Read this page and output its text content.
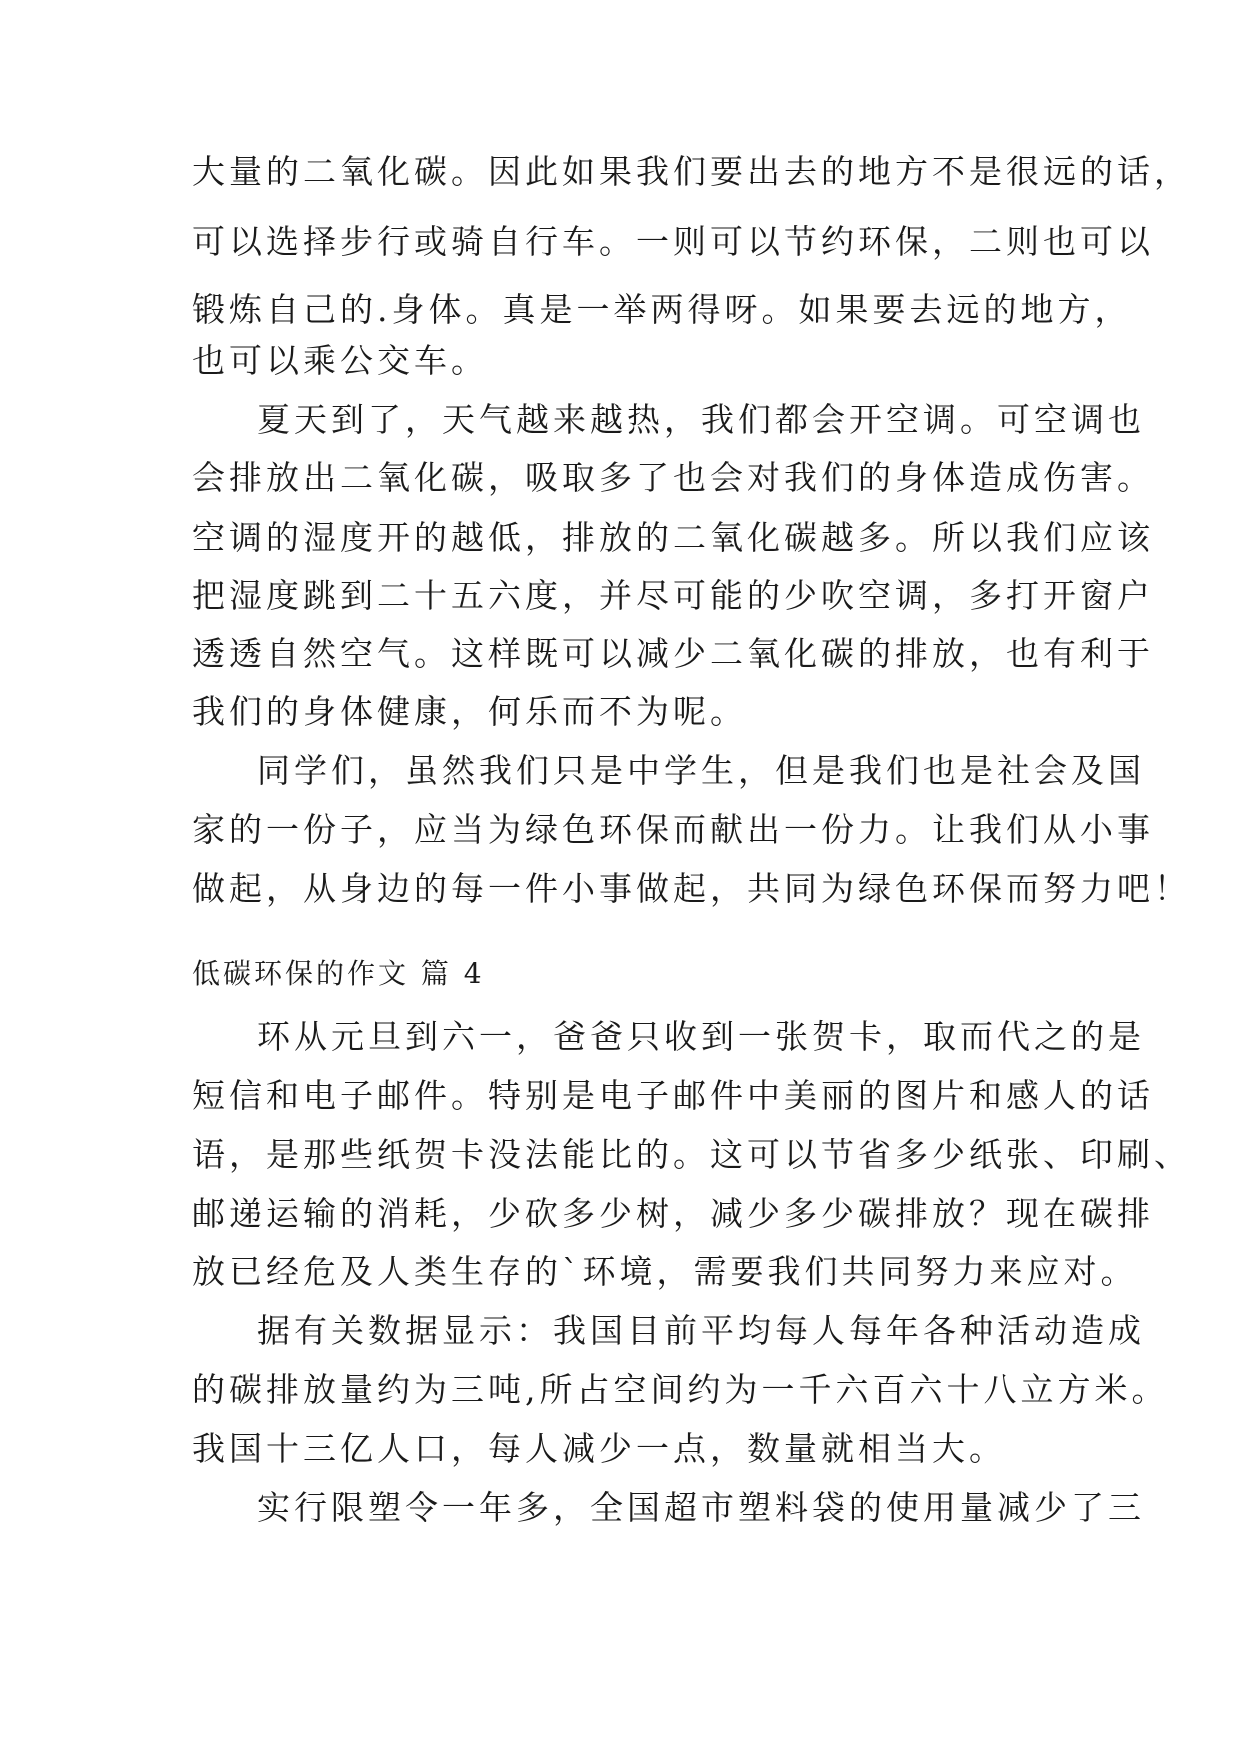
大量的二氧化碳。因此如果我们要出去的地方不是很远的话，
可以选择步行或骑自行车。一则可以节约环保，二则也可以
锻炼自己的.身体。真是一举两得呀。如果要去远的地方，
也可以乘公交车。
夏天到了，天气越来越热，我们都会开空调。可空调也
会排放出二氧化碳，吸取多了也会对我们的身体造成伤害。
空调的湿度开的越低，排放的二氧化碳越多。所以我们应该
把湿度跳到二十五六度，并尽可能的少吹空调，多打开窗户
透透自然空气。这样既可以减少二氧化碳的排放，也有利于
我们的身体健康，何乐而不为呢。
同学们，虽然我们只是中学生，但是我们也是社会及国
家的一份子，应当为绿色环保而献出一份力。让我们从小事
做起，从身边的每一件小事做起，共同为绿色环保而努力吧！
低碳环保的作文 篇 4
环从元旦到六一，爸爸只收到一张贺卡，取而代之的是
短信和电子邮件。特别是电子邮件中美丽的图片和感人的话
语，是那些纸贺卡没法能比的。这可以节省多少纸张、印刷、
邮递运输的消耗，少砍多少树，减少多少碳排放？现在碳排
放已经危及人类生存的`环境，需要我们共同努力来应对。
据有关数据显示：我国目前平均每人每年各种活动造成
的碳排放量约为三吨,所占空间约为一千六百六十八立方米。
我国十三亿人口，每人减少一点，数量就相当大。
实行限塑令一年多，全国超市塑料袋的使用量减少了三
